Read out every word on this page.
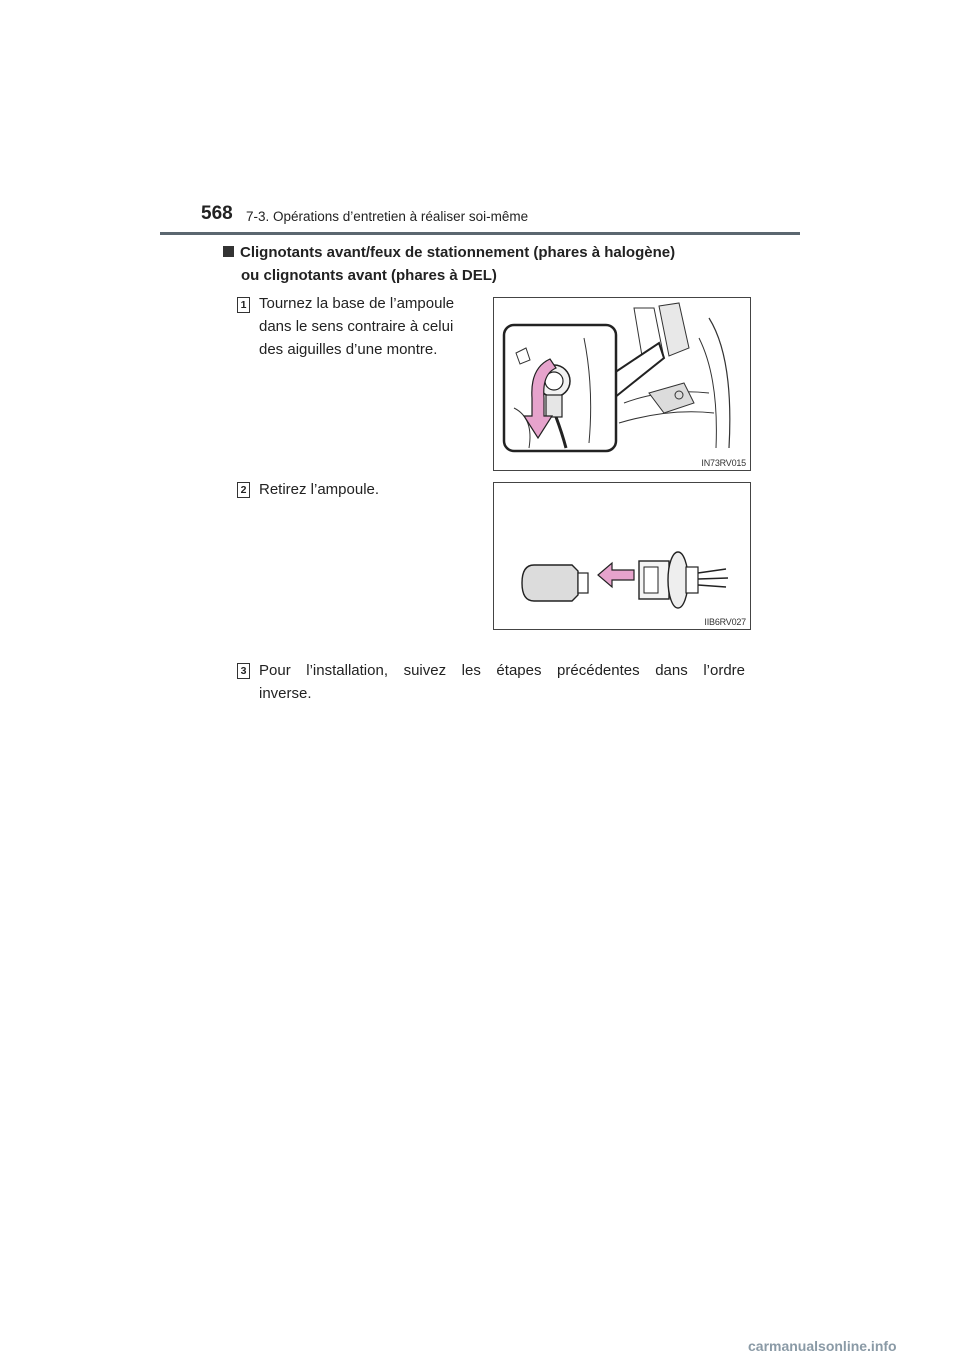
568 7-3. Opérations d’entretien à réaliser soi-même
Clignotants avant/feux de stationnement (phares à halogène)
ou clignotants avant (phares à DEL)
1 Tournez la base de l’ampoule
dans le sens contraire à celui
des aiguilles d’une montre.
IN73RV015
2 Retirez l’ampoule.
IIB6RV027
3 Pour l’installation, suivez les étapes précédentes dans l’ordre
inverse.
carmanualsonline.info
